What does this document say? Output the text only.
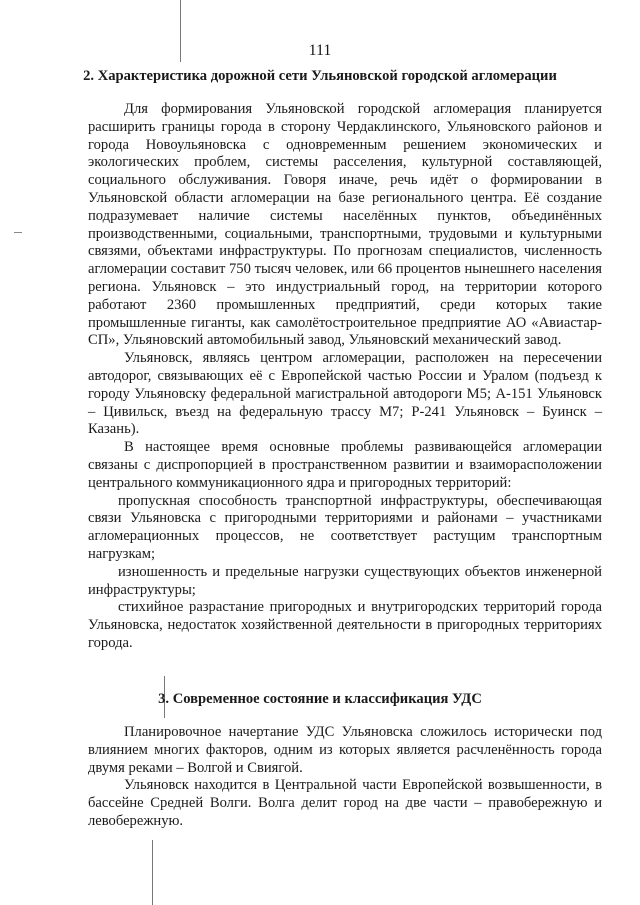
111
2. Характеристика дорожной сети Ульяновской городской агломерации

Для формирования Ульяновской городской агломерация планируется расширить границы города в сторону Чердаклинского, Ульяновского районов и города Новоульяновска с одновременным решением экономических и экологических проблем, системы расселения, культурной составляющей, социального обслуживания. Говоря иначе, речь идёт о формировании в Ульяновской области агломерации на базе регионального центра. Её создание подразумевает наличие системы населённых пунктов, объединённых производственными, социальными, транспортными, трудовыми и культурными связями, объектами инфраструктуры. По прогнозам специалистов, численность агломерации составит 750 тысяч человек, или 66 процентов нынешнего населения региона. Ульяновск – это индустриальный город, на территории которого работают 2360 промышленных предприятий, среди которых такие промышленные гиганты, как самолётостроительное предприятие АО «Авиастар-СП», Ульяновский автомобильный завод, Ульяновский механический завод.

Ульяновск, являясь центром агломерации, расположен на пересечении автодорог, связывающих её с Европейской частью России и Уралом (подъезд к городу Ульяновску федеральной магистральной автодороги М5; А-151 Ульяновск – Цивильск, въезд на федеральную трассу М7; Р-241 Ульяновск – Буинск – Казань).

В настоящее время основные проблемы развивающейся агломерации связаны с диспропорцией в пространственном развитии и взаиморасположении центрального коммуникационного ядра и пригородных территорий:

пропускная способность транспортной инфраструктуры, обеспечивающая связи Ульяновска с пригородными территориями и районами – участниками агломерационных процессов, не соответствует растущим транспортным нагрузкам;

изношенность и предельные нагрузки существующих объектов инженерной инфраструктуры;

стихийное разрастание пригородных и внутригородских территорий города Ульяновска, недостаток хозяйственной деятельности в пригородных территориях города.

3. Современное состояние и классификация УДС

Планировочное начертание УДС Ульяновска сложилось исторически под влиянием многих факторов, одним из которых является расчленённость города двумя реками – Волгой и Свиягой.

Ульяновск находится в Центральной части Европейской возвышенности, в бассейне Средней Волги. Волга делит город на две части – правобережную и левобережную.
